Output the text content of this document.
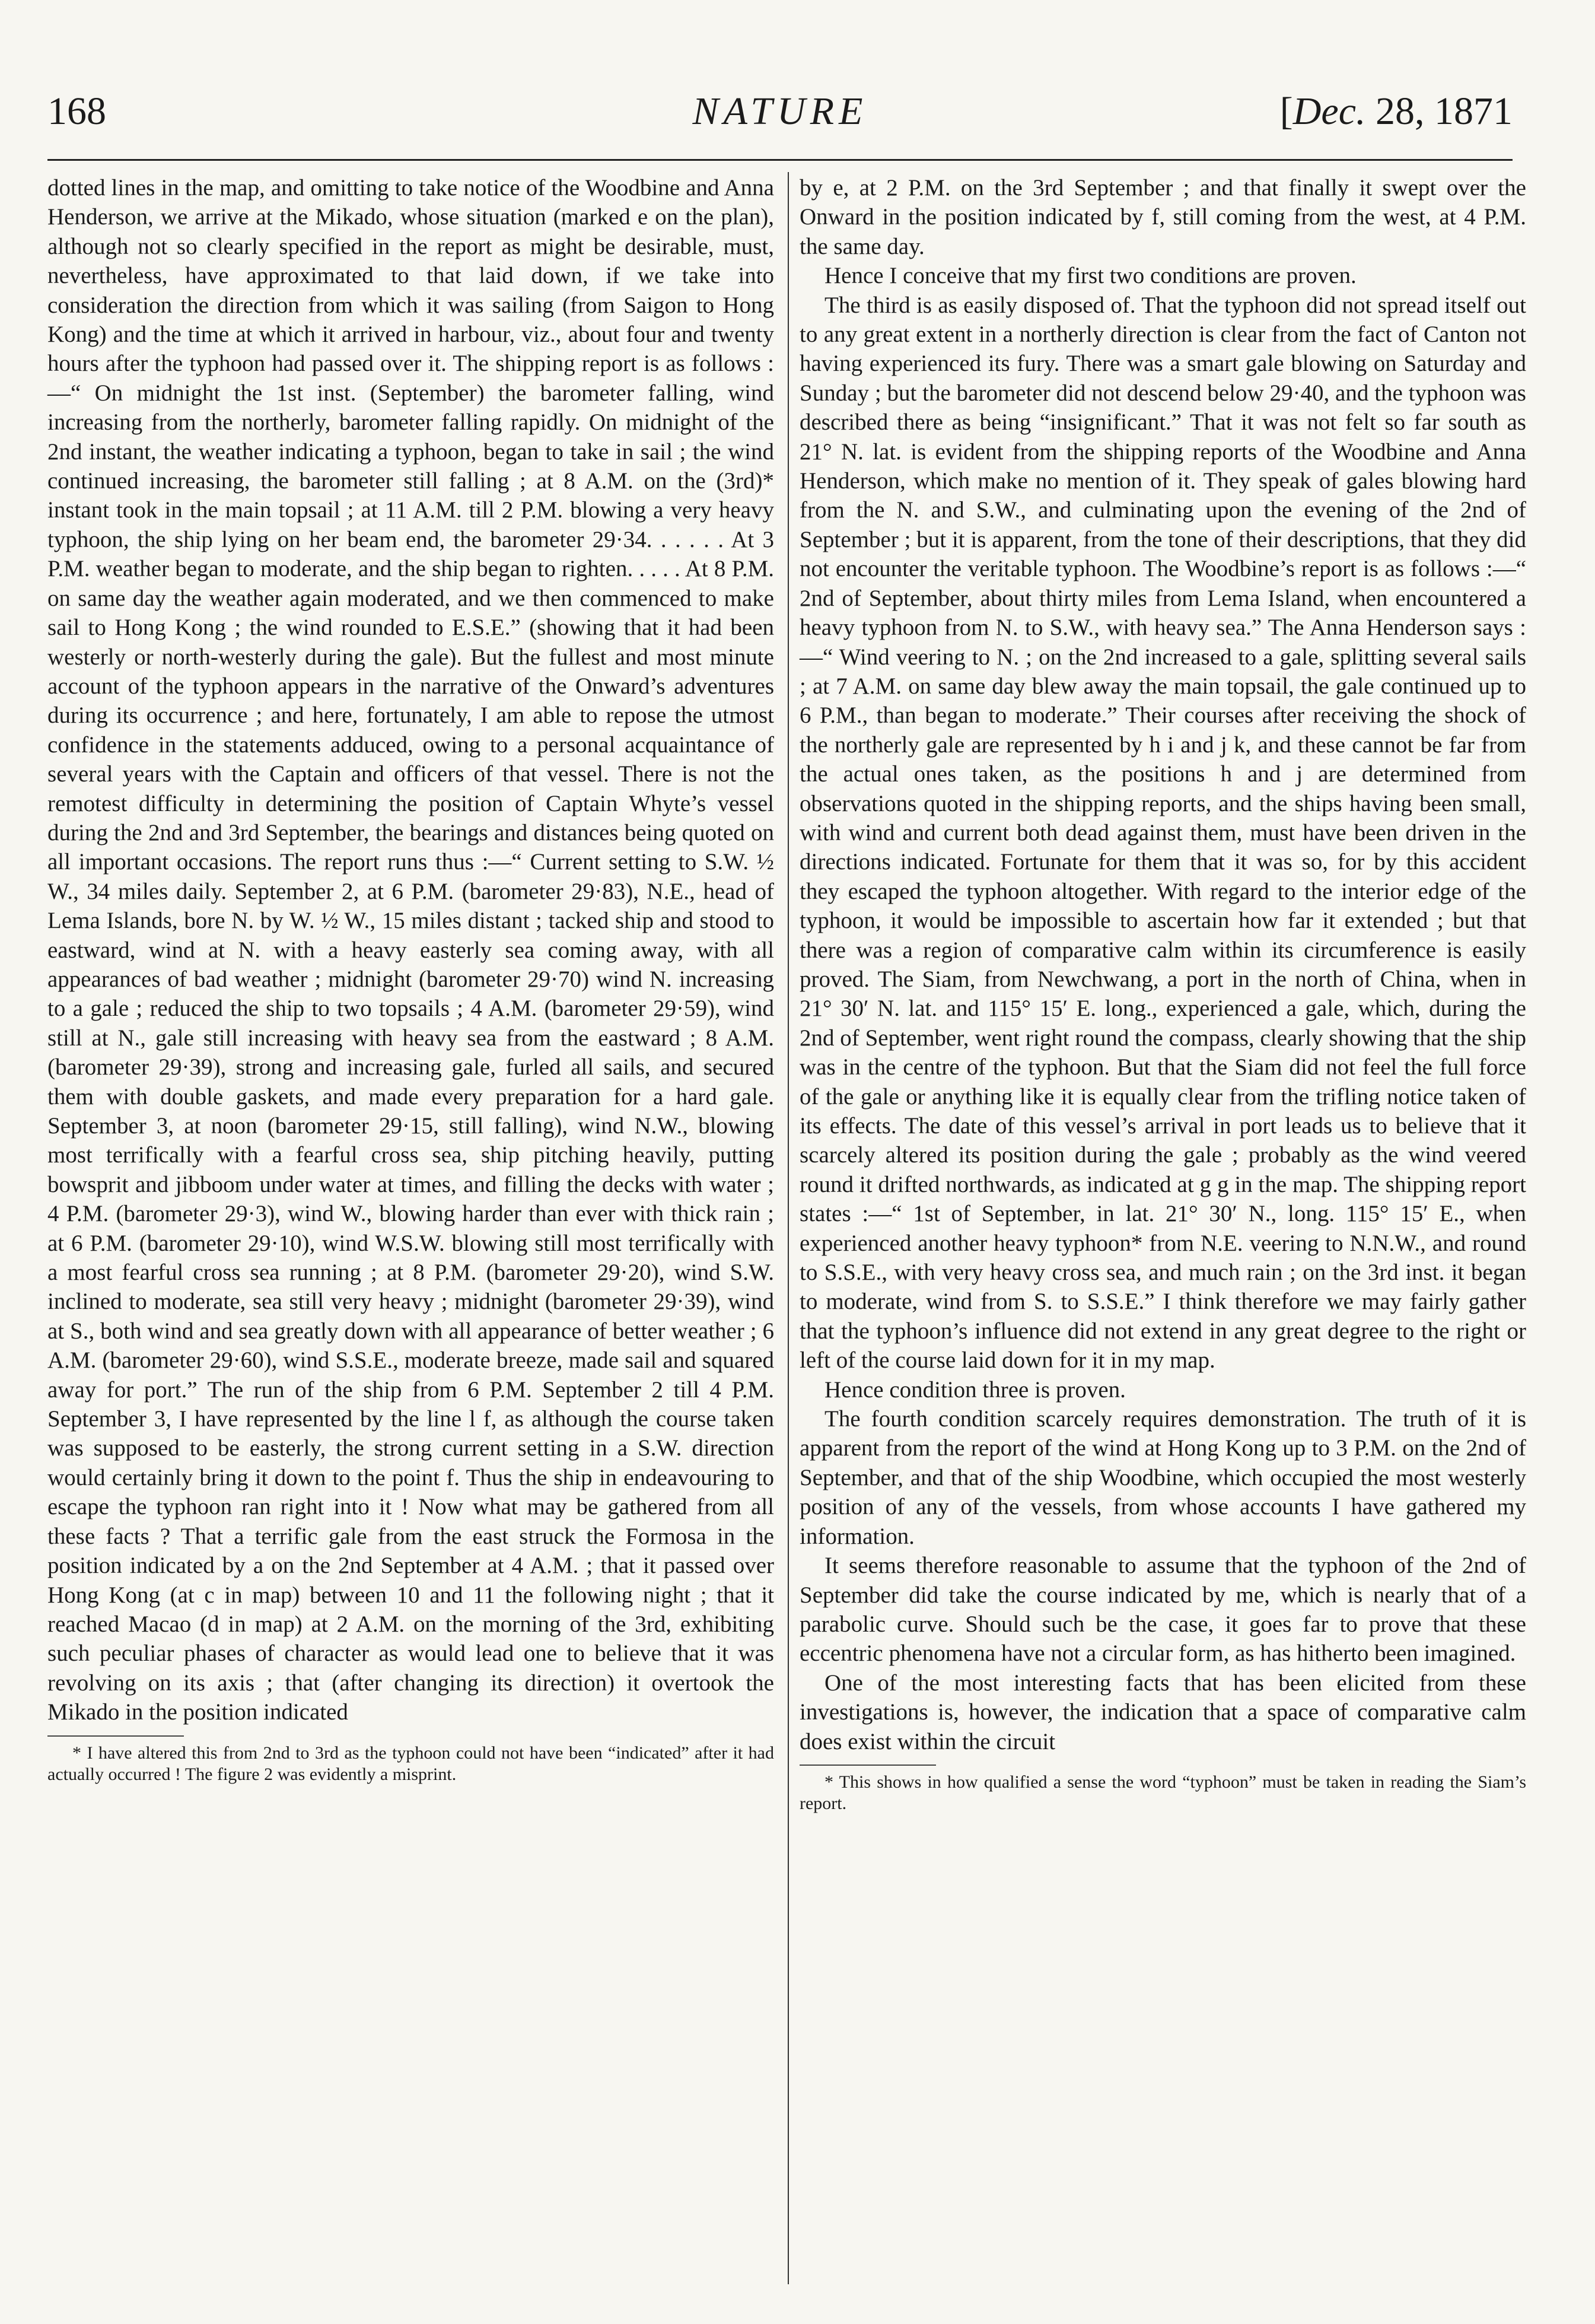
168	NATURE	[Dec. 28, 1871

dotted lines in the map, and omitting to take notice of the Woodbine and Anna Henderson, we arrive at the Mikado, whose situation (marked e on the plan), although not so clearly specified in the report as might be desirable, must, nevertheless, have approximated to that laid down, if we take into consideration the direction from which it was sailing (from Saigon to Hong Kong) and the time at which it arrived in harbour, viz., about four and twenty hours after the typhoon had passed over it. The shipping report is as follows :—“ On midnight the 1st inst. (September) the barometer falling, wind increasing from the northerly, barometer falling rapidly. On midnight of the 2nd instant, the weather indicating a typhoon, began to take in sail ; the wind continued increasing, the barometer still falling ; at 8 A.M. on the (3rd)* instant took in the main topsail ; at 11 A.M. till 2 P.M. blowing a very heavy typhoon, the ship lying on her beam end, the barometer 29·34. . . . . . At 3 P.M. weather began to moderate, and the ship began to righten. . . . . At 8 P.M. on same day the weather again moderated, and we then commenced to make sail to Hong Kong ; the wind rounded to E.S.E.” (showing that it had been westerly or north-westerly during the gale). But the fullest and most minute account of the typhoon appears in the narrative of the Onward’s adventures during its occurrence ; and here, fortunately, I am able to repose the utmost confidence in the statements adduced, owing to a personal acquaintance of several years with the Captain and officers of that vessel. There is not the remotest difficulty in determining the position of Captain Whyte’s vessel during the 2nd and 3rd September, the bearings and distances being quoted on all important occasions. The report runs thus :—“ Current setting to S.W. ½ W., 34 miles daily. September 2, at 6 P.M. (barometer 29·83), N.E., head of Lema Islands, bore N. by W. ½ W., 15 miles distant ; tacked ship and stood to eastward, wind at N. with a heavy easterly sea coming away, with all appearances of bad weather ; midnight (barometer 29·70) wind N. increasing to a gale ; reduced the ship to two topsails ; 4 A.M. (barometer 29·59), wind still at N., gale still increasing with heavy sea from the eastward ; 8 A.M. (barometer 29·39), strong and increasing gale, furled all sails, and secured them with double gaskets, and made every preparation for a hard gale. September 3, at noon (barometer 29·15, still falling), wind N.W., blowing most terrifically with a fearful cross sea, ship pitching heavily, putting bowsprit and jibboom under water at times, and filling the decks with water ; 4 P.M. (barometer 29·3), wind W., blowing harder than ever with thick rain ; at 6 P.M. (barometer 29·10), wind W.S.W. blowing still most terrifically with a most fearful cross sea running ; at 8 P.M. (barometer 29·20), wind S.W. inclined to moderate, sea still very heavy ; midnight (barometer 29·39), wind at S., both wind and sea greatly down with all appearance of better weather ; 6 A.M. (barometer 29·60), wind S.S.E., moderate breeze, made sail and squared away for port.” The run of the ship from 6 P.M. September 2 till 4 P.M. September 3, I have represented by the line l f, as although the course taken was supposed to be easterly, the strong current setting in a S.W. direction would certainly bring it down to the point f. Thus the ship in endeavouring to escape the typhoon ran right into it ! Now what may be gathered from all these facts ? That a terrific gale from the east struck the Formosa in the position indicated by a on the 2nd September at 4 A.M. ; that it passed over Hong Kong (at c in map) between 10 and 11 the following night ; that it reached Macao (d in map) at 2 A.M. on the morning of the 3rd, exhibiting such peculiar phases of character as would lead one to believe that it was revolving on its axis ; that (after changing its direction) it overtook the Mikado in the position indicated

* I have altered this from 2nd to 3rd as the typhoon could not have been “indicated” after it had actually occurred ! The figure 2 was evidently a misprint.

by e, at 2 P.M. on the 3rd September ; and that finally it swept over the Onward in the position indicated by f, still coming from the west, at 4 P.M. the same day.

Hence I conceive that my first two conditions are proven.

The third is as easily disposed of. That the typhoon did not spread itself out to any great extent in a northerly direction is clear from the fact of Canton not having experienced its fury. There was a smart gale blowing on Saturday and Sunday ; but the barometer did not descend below 29·40, and the typhoon was described there as being “insignificant.” That it was not felt so far south as 21° N. lat. is evident from the shipping reports of the Woodbine and Anna Henderson, which make no mention of it. They speak of gales blowing hard from the N. and S.W., and culminating upon the evening of the 2nd of September ; but it is apparent, from the tone of their descriptions, that they did not encounter the veritable typhoon. The Woodbine’s report is as follows :—“ 2nd of September, about thirty miles from Lema Island, when encountered a heavy typhoon from N. to S.W., with heavy sea.” The Anna Henderson says :—“ Wind veering to N. ; on the 2nd increased to a gale, splitting several sails ; at 7 A.M. on same day blew away the main topsail, the gale continued up to 6 P.M., than began to moderate.” Their courses after receiving the shock of the northerly gale are represented by h i and j k, and these cannot be far from the actual ones taken, as the positions h and j are determined from observations quoted in the shipping reports, and the ships having been small, with wind and current both dead against them, must have been driven in the directions indicated. Fortunate for them that it was so, for by this accident they escaped the typhoon altogether. With regard to the interior edge of the typhoon, it would be impossible to ascertain how far it extended ; but that there was a region of comparative calm within its circumference is easily proved. The Siam, from Newchwang, a port in the north of China, when in 21° 30′ N. lat. and 115° 15′ E. long., experienced a gale, which, during the 2nd of September, went right round the compass, clearly showing that the ship was in the centre of the typhoon. But that the Siam did not feel the full force of the gale or anything like it is equally clear from the trifling notice taken of its effects. The date of this vessel’s arrival in port leads us to believe that it scarcely altered its position during the gale ; probably as the wind veered round it drifted northwards, as indicated at g g in the map. The shipping report states :—“ 1st of September, in lat. 21° 30′ N., long. 115° 15′ E., when experienced another heavy typhoon* from N.E. veering to N.N.W., and round to S.S.E., with very heavy cross sea, and much rain ; on the 3rd inst. it began to moderate, wind from S. to S.S.E.” I think therefore we may fairly gather that the typhoon’s influence did not extend in any great degree to the right or left of the course laid down for it in my map.

Hence condition three is proven.

The fourth condition scarcely requires demonstration. The truth of it is apparent from the report of the wind at Hong Kong up to 3 P.M. on the 2nd of September, and that of the ship Woodbine, which occupied the most westerly position of any of the vessels, from whose accounts I have gathered my information.

It seems therefore reasonable to assume that the typhoon of the 2nd of September did take the course indicated by me, which is nearly that of a parabolic curve. Should such be the case, it goes far to prove that these eccentric phenomena have not a circular form, as has hitherto been imagined.

One of the most interesting facts that has been elicited from these investigations is, however, the indication that a space of comparative calm does exist within the circuit

* This shows in how qualified a sense the word “typhoon” must be taken in reading the Siam’s report.
